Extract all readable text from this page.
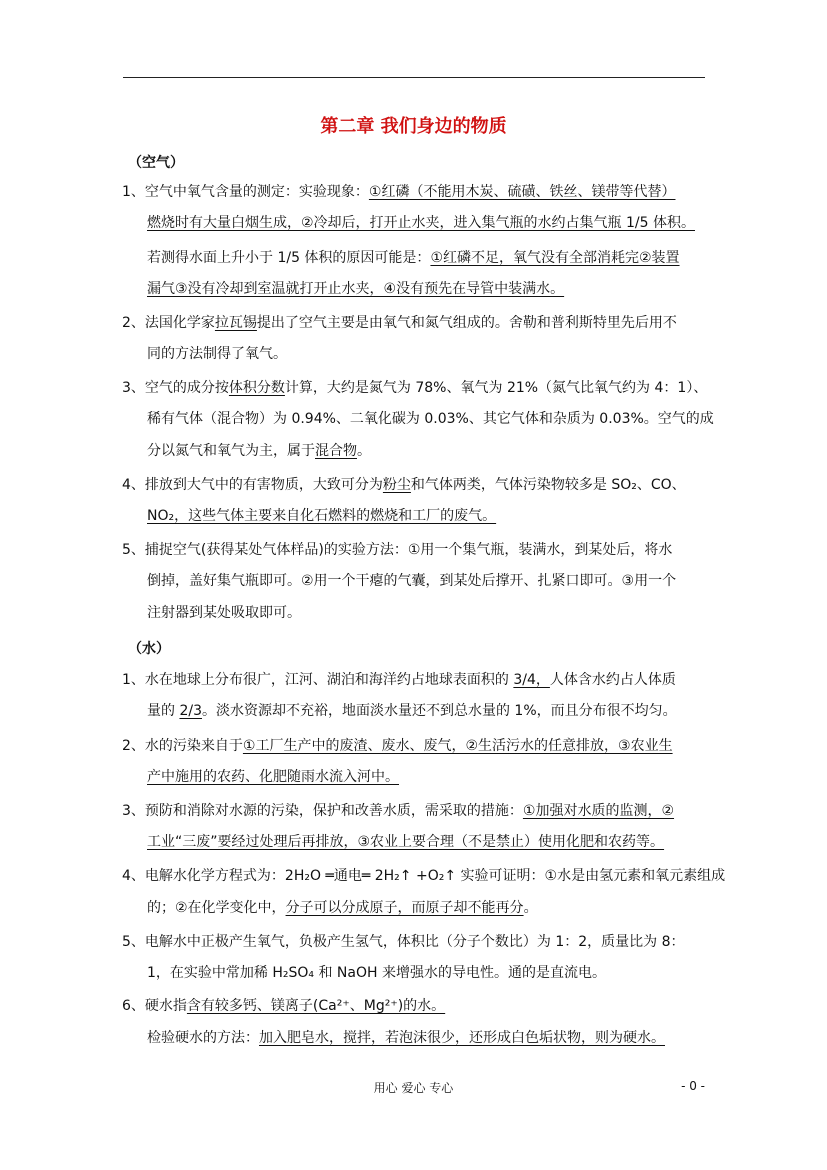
第二章 我们身边的物质
（空气）
（水）
1、空气中氧气含量的测定：实验现象：①红磷（不能用木炭、硫磺、铁丝、镁带等代替）
燃烧时有大量白烟生成，②冷却后，打开止水夹，进入集气瓶的水约占集气瓶 1/5 体积。
若测得水面上升小于 1/5 体积的原因可能是：①红磷不足，氧气没有全部消耗完②装置
漏气③没有冷却到室温就打开止水夹，④没有预先在导管中装满水。
2、法国化学家拉瓦锡提出了空气主要是由氧气和氮气组成的。舍勒和普利斯特里先后用不
同的方法制得了氧气。
3、空气的成分按体积分数计算，大约是氮气为 78%、氧气为 21%（氮气比氧气约为 4：1）、
稀有气体（混合物）为 0.94%、二氧化碳为 0.03%、其它气体和杂质为 0.03%。空气的成
分以氮气和氧气为主，属于混合物。
4、排放到大气中的有害物质，大致可分为粉尘和气体两类，气体污染物较多是 SO₂、CO、
NO₂，这些气体主要来自化石燃料的燃烧和工厂的废气。
5、捕捉空气(获得某处气体样品)的实验方法：①用一个集气瓶，装满水，到某处后，将水
倒掉，盖好集气瓶即可。②用一个干瘪的气囊，到某处后撑开、扎紧口即可。③用一个
注射器到某处吸取即可。
1、水在地球上分布很广，江河、湖泊和海洋约占地球表面积的 3/4，人体含水约占人体质
量的 2/3。淡水资源却不充裕，地面淡水量还不到总水量的 1%，而且分布很不均匀。
2、水的污染来自于①工厂生产中的废渣、废水、废气，②生活污水的任意排放，③农业生
产中施用的农药、化肥随雨水流入河中。
3、预防和消除对水源的污染，保护和改善水质，需采取的措施：①加强对水质的监测，②
工业“三废”要经过处理后再排放，③农业上要合理（不是禁止）使用化肥和农药等。
4、电解水化学方程式为：2H₂O ═通电═ 2H₂↑ +O₂↑ 实验可证明：①水是由氢元素和氧元素组成
的；②在化学变化中，分子可以分成原子，而原子却不能再分。
5、电解水中正极产生氧气，负极产生氢气，体积比（分子个数比）为 1：2，质量比为 8：
1，在实验中常加稀 H₂SO₄ 和 NaOH 来增强水的导电性。通的是直流电。
6、硬水指含有较多钙、镁离子(Ca²⁺、Mg²⁺)的水。
检验硬水的方法：加入肥皂水，搅拌，若泡沫很少，还形成白色垢状物，则为硬水。
用心 爱心 专心	- 0 -
